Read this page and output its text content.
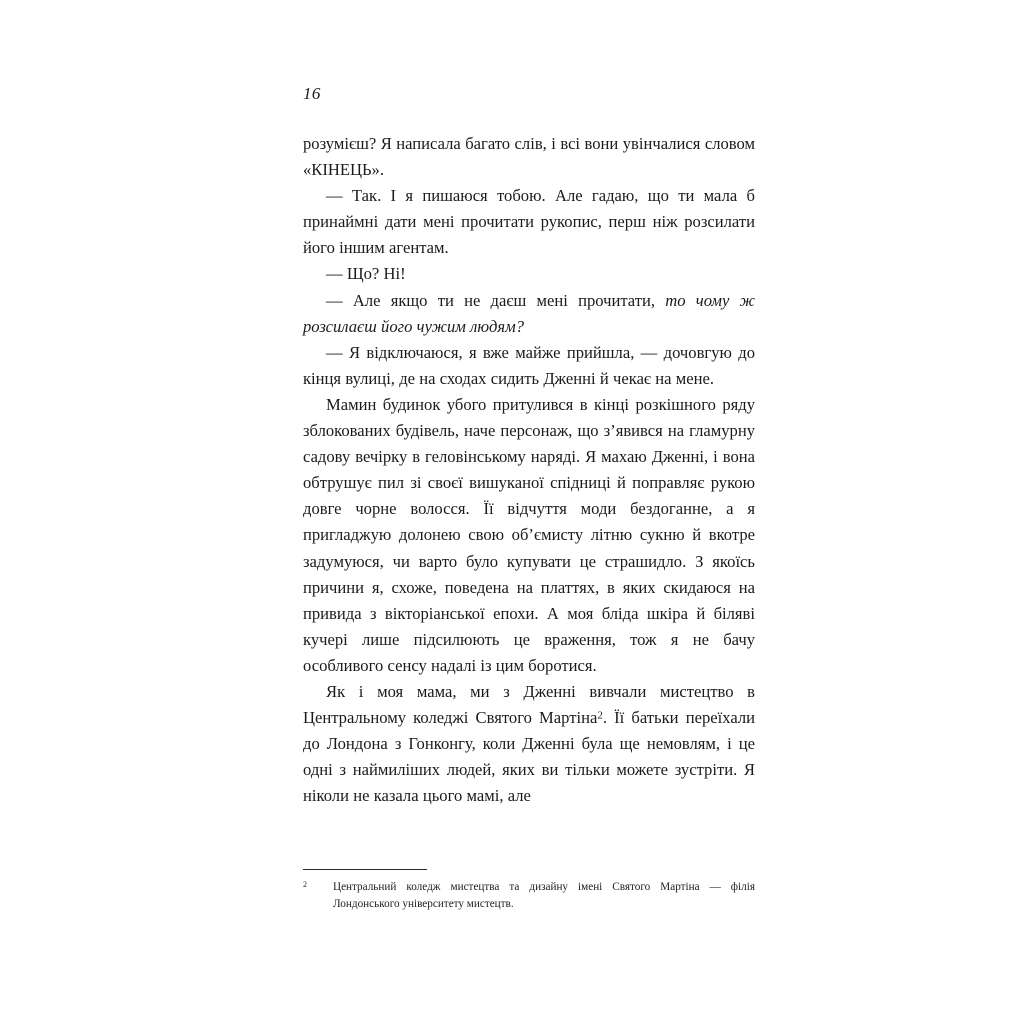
16

розумієш? Я написала багато слів, і всі вони увінчалися словом «КІНЕЦЬ».

— Так. І я пишаюся тобою. Але гадаю, що ти мала б принаймні дати мені прочитати рукопис, перш ніж розсилати його іншим агентам.

— Що? Ні!

— Але якщо ти не даєш мені прочитати, то чому ж розсилаєш його чужим людям?

— Я відключаюся, я вже майже прийшла, — дочовгую до кінця вулиці, де на сходах сидить Дженні й чекає на мене.

Мамин будинок убого притулився в кінці розкішного ряду зблокованих будівель, наче персонаж, що з’явився на гламурну садову вечірку в геловінському наряді. Я махаю Дженні, і вона обтрушує пил зі своєї вишуканої спідниці й поправляє рукою довге чорне волосся. Її відчуття моди бездоганне, а я пригладжую долонею свою об’ємисту літню сукню й вкотре задумуюся, чи варто було купувати це страшидло. З якоїсь причини я, схоже, поведена на платтях, в яких скидаюся на привида з вікторіанської епохи. А моя бліда шкіра й біляві кучері лише підсилюють це враження, тож я не бачу особливого сенсу надалі із цим боротися.

Як і моя мама, ми з Дженні вивчали мистецтво в Центральному коледжі Святого Мартіна$^2$. Її батьки переїхали до Лондона з Гонконгу, коли Дженні була ще немовлям, і це одні з наймиліших людей, яких ви тільки можете зустріти. Я ніколи не казала цього мамі, але

2 Центральний коледж мистецтва та дизайну імені Святого Мартіна — філія Лондонського університету мистецтв.
